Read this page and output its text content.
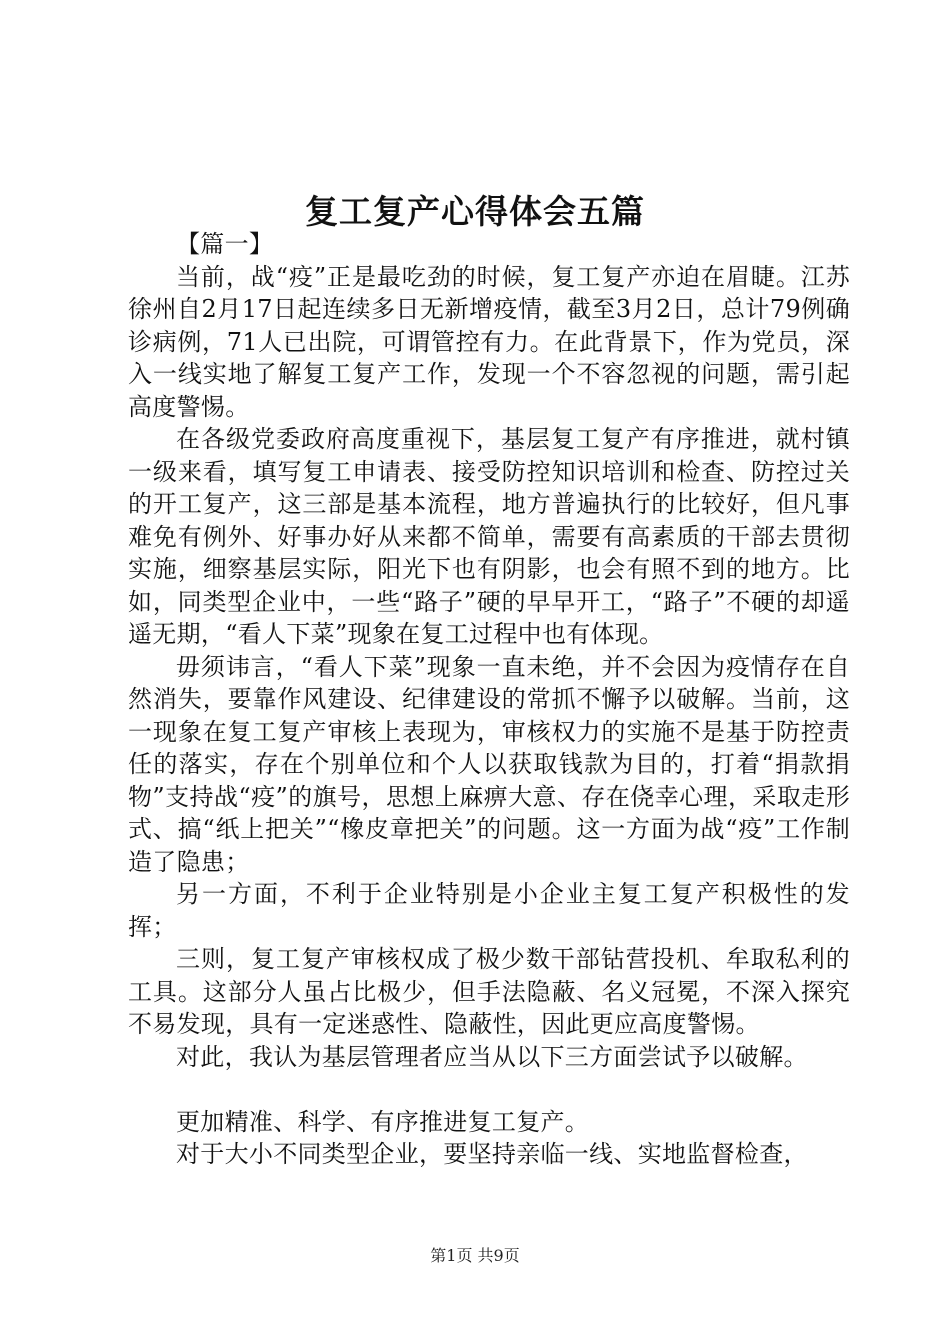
复工复产心得体会五篇

【篇一】

当前，战“疫”正是最吃劲的时候，复工复产亦迫在眉睫。江苏徐州自2月17日起连续多日无新增疫情，截至3月2日，总计79例确诊病例，71人已出院，可谓管控有力。在此背景下，作为党员，深入一线实地了解复工复产工作，发现一个不容忽视的问题，需引起高度警惕。

在各级党委政府高度重视下，基层复工复产有序推进，就村镇一级来看，填写复工申请表、接受防控知识培训和检查、防控过关的开工复产，这三部是基本流程，地方普遍执行的比较好，但凡事难免有例外、好事办好从来都不简单，需要有高素质的干部去贯彻实施，细察基层实际，阳光下也有阴影，也会有照不到的地方。比如，同类型企业中，一些“路子”硬的早早开工，“路子”不硬的却遥遥无期，“看人下菜”现象在复工过程中也有体现。

毋须讳言，“看人下菜”现象一直未绝，并不会因为疫情存在自然消失，要靠作风建设、纪律建设的常抓不懈予以破解。当前，这一现象在复工复产审核上表现为，审核权力的实施不是基于防控责任的落实，存在个别单位和个人以获取钱款为目的，打着“捐款捐物”支持战“疫”的旗号，思想上麻痹大意、存在侥幸心理，采取走形式、搞“纸上把关”“橡皮章把关”的问题。这一方面为战“疫”工作制造了隐患；

另一方面，不利于企业特别是小企业主复工复产积极性的发挥；

三则，复工复产审核权成了极少数干部钻营投机、牟取私利的工具。这部分人虽占比极少，但手法隐蔽、名义冠冕，不深入探究不易发现，具有一定迷惑性、隐蔽性，因此更应高度警惕。

对此，我认为基层管理者应当从以下三方面尝试予以破解。

更加精准、科学、有序推进复工复产。

对于大小不同类型企业，要坚持亲临一线、实地监督检查，

第1页 共9页
